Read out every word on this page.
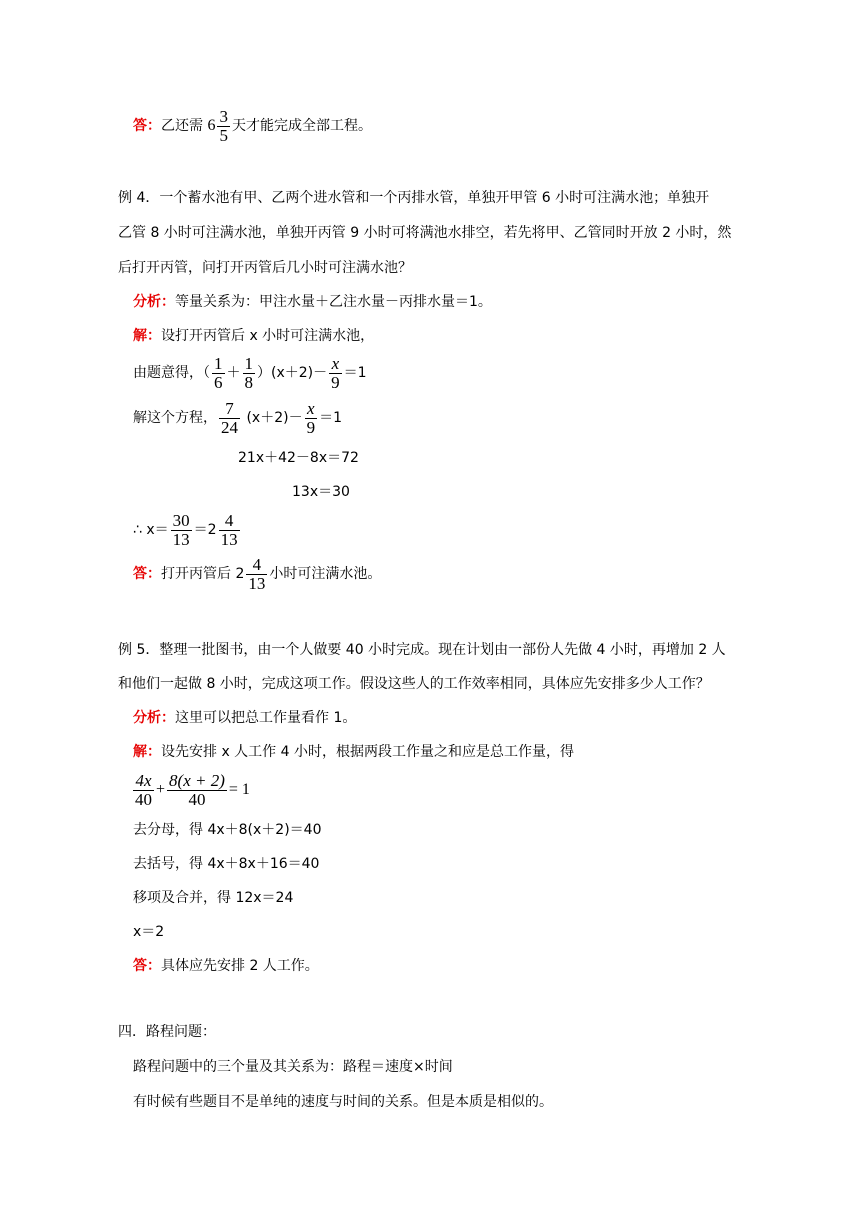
答：乙还需 $6 \frac{3}{5}$ 天才能完成全部工程。
例 4．一个蓄水池有甲、乙两个进水管和一个丙排水管，单独开甲管 6 小时可注满水池；单独开
乙管 8 小时可注满水池，单独开丙管 9 小时可将满池水排空，若先将甲、乙管同时开放 2 小时，然
后打开丙管，问打开丙管后几小时可注满水池？
分析：等量关系为：甲注水量＋乙注水量－丙排水量＝1。
解：设打开丙管后 x 小时可注满水池，
由题意得，（ $\frac{1}{6} + \frac{1}{8} )(x+2)- \frac{x}{9} =1$
解这个方程， $\frac{7}{24} (x+2)- \frac{x}{9} =1$
21x＋42－8x＝72
13x＝30
∴ $x= \frac{30}{13} =2 \frac{4}{13}$
答：打开丙管后 $2 \frac{4}{13}$ 小时可注满水池。
例 5．整理一批图书，由一个人做要 40 小时完成。现在计划由一部份人先做 4 小时，再增加 2 人
和他们一起做 8 小时，完成这项工作。假设这些人的工作效率相同，具体应先安排多少人工作？
分析：这里可以把总工作量看作 1。
解：设先安排 x 人工作 4 小时，根据两段工作量之和应是总工作量，得
$\frac{4x}{40} + \frac{8(x + 2)}{40} = 1$
去分母，得 4x＋8(x＋2)＝40
去括号，得 4x＋8x＋16＝40
移项及合并，得 12x＝24
x＝2
答：具体应先安排 2 人工作。
四．路程问题：
路程问题中的三个量及其关系为：路程＝速度×时间
有时候有些题目不是单纯的速度与时间的关系。但是本质是相似的。
